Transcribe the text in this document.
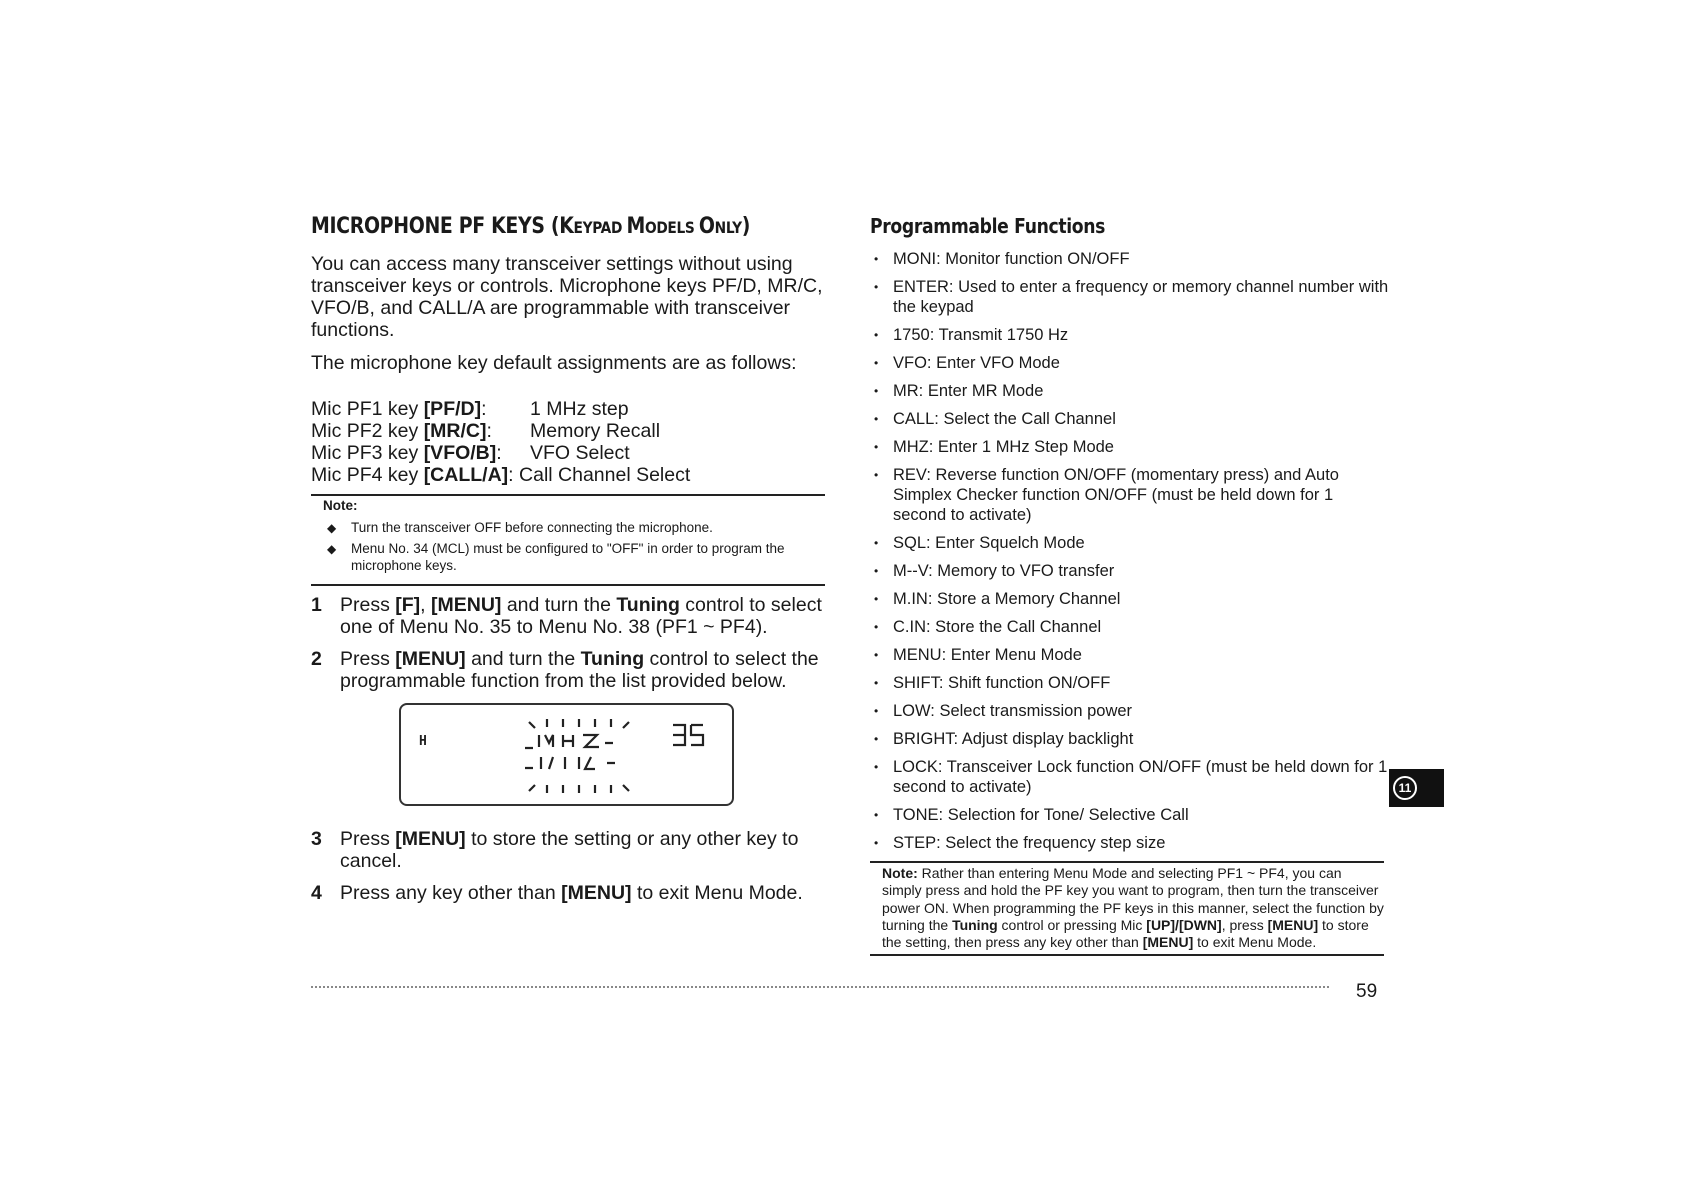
MICROPHONE PF KEYS (KEYPAD MODELS ONLY)

You can access many transceiver settings without using transceiver keys or controls. Microphone keys PF/D, MR/C, VFO/B, and CALL/A are programmable with transceiver functions.

The microphone key default assignments are as follows:

Mic PF1 key [PF/D]:	1 MHz step
Mic PF2 key [MR/C]:	Memory Recall
Mic PF3 key [VFO/B]:	VFO Select
Mic PF4 key [CALL/A]: Call Channel Select
Note:
◆ Turn the transceiver OFF before connecting the microphone.
◆ Menu No. 34 (MCL) must be configured to "OFF" in order to program the microphone keys.
1 Press [F], [MENU] and turn the Tuning control to select one of Menu No. 35 to Menu No. 38 (PF1 ~ PF4).
2 Press [MENU] and turn the Tuning control to select the programmable function from the list provided below.
H
3 Press [MENU] to store the setting or any other key to cancel.
4 Press any key other than [MENU] to exit Menu Mode.
Programmable Functions
• MONI: Monitor function ON/OFF
• ENTER: Used to enter a frequency or memory channel number with the keypad
• 1750: Transmit 1750 Hz
• VFO: Enter VFO Mode
• MR: Enter MR Mode
• CALL: Select the Call Channel
• MHZ: Enter 1 MHz Step Mode
• REV: Reverse function ON/OFF (momentary press) and Auto Simplex Checker function ON/OFF (must be held down for 1 second to activate)
• SQL: Enter Squelch Mode
• M--V: Memory to VFO transfer
• M.IN: Store a Memory Channel
• C.IN: Store the Call Channel
• MENU: Enter Menu Mode
• SHIFT: Shift function ON/OFF
• LOW: Select transmission power
• BRIGHT: Adjust display backlight
• LOCK: Transceiver Lock function ON/OFF (must be held down for 1 second to activate)
• TONE: Selection for Tone/ Selective Call
• STEP: Select the frequency step size
Note: Rather than entering Menu Mode and selecting PF1 ~ PF4, you can simply press and hold the PF key you want to program, then turn the transceiver power ON. When programming the PF keys in this manner, select the function by turning the Tuning control or pressing Mic [UP]/[DWN], press [MENU] to store the setting, then press any key other than [MENU] to exit Menu Mode.
11
59
